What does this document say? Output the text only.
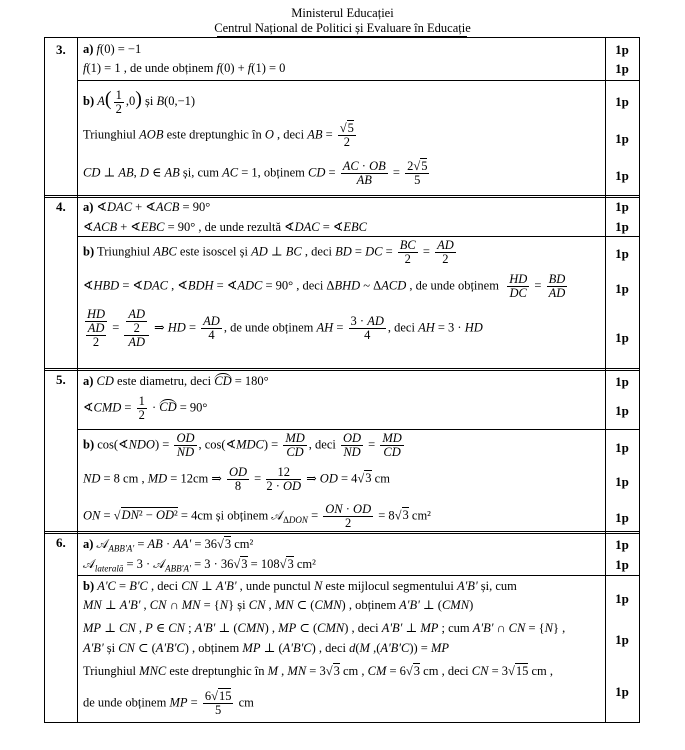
Ministerul Educației
Centrul Național de Politici și Evaluare în Educație
3.
4.
5.
6.
a) f(0) = −1
f(1) = 1 , de unde obținem f(0) + f(1) = 0
b) $A( \frac{1}{2} ,0)$ și B(0,−1)
Triunghiul AOB este dreptunghic în O , deci AB = $\frac{√5}{2}$
CD ⊥ AB, D ∈ AB și, cum AC = 1, obținem CD = $\frac{AC \cdot OB}{AB} = \frac{2√5}{5}$
a) ∢DAC + ∢ACB = 90°
∢ACB + ∢EBC = 90° , de unde rezultă ∢DAC = ∢EBC
b) Triunghiul ABC este isoscel și AD ⊥ BC , deci BD = DC = $\frac{BC}{2} = \frac{AD}{2}$
∢HBD = ∢DAC , ∢BDH = ∢ADC = 90° , deci ΔBHD ~ ΔACD , de unde obținem $\frac{HD}{DC} = \frac{BD}{AD}$
$\frac{HD}{\frac{AD}{2}} = \frac{\frac{AD}{2}}{AD}$ ⇒ HD = $\frac{AD}{4}$ , de unde obținem AH = $\frac{3 \cdot AD}{4}$ , deci AH = 3 · HD
a) CD este diametru, deci CD = 180°
∢CMD = $\frac{1}{2}$ · CD = 90°
b) cos(∢NDO) = $\frac{OD}{ND}$ , cos(∢MDC) = $\frac{MD}{CD}$ , deci $\frac{OD}{ND} = \frac{MD}{CD}$
ND = 8 cm , MD = 12cm ⇒ $\frac{OD}{8} = \frac{12}{2 \cdot OD}$ ⇒ OD = 4√3 cm
ON = √DN² − OD² = 4cm și obținem 𝒜$_{\Delta DON}$ = $\frac{ON \cdot OD}{2} = 8√3$ cm²
a) 𝒜$_{ABB'A'}$ = AB · AA' = 36√3 cm²
𝒜$_{laterală}$ = 3 · 𝒜$_{ABB'A'}$ = 3 · 36√3 = 108√3 cm²
b) A'C = B'C , deci CN ⊥ A'B' , unde punctul N este mijlocul segmentului A'B' și, cum
MN ⊥ A'B' , CN ∩ MN = {N} și CN , MN ⊂ (CMN) , obținem A'B' ⊥ (CMN)
MP ⊥ CN , P ∈ CN ; A'B' ⊥ (CMN) , MP ⊂ (CMN) , deci A'B' ⊥ MP ; cum A'B' ∩ CN = {N} ,
A'B' și CN ⊂ (A'B'C) , obținem MP ⊥ (A'B'C) , deci d(M ,(A'B'C)) = MP
Triunghiul MNC este dreptunghic în M , MN = 3√3 cm , CM = 6√3 cm , deci CN = 3√15 cm ,
de unde obținem MP = $\frac{6√15}{5}$ cm
1p
1p
1p
1p
1p
1p
1p
1p
1p
1p
1p
1p
1p
1p
1p
1p
1p
1p
1p
1p
